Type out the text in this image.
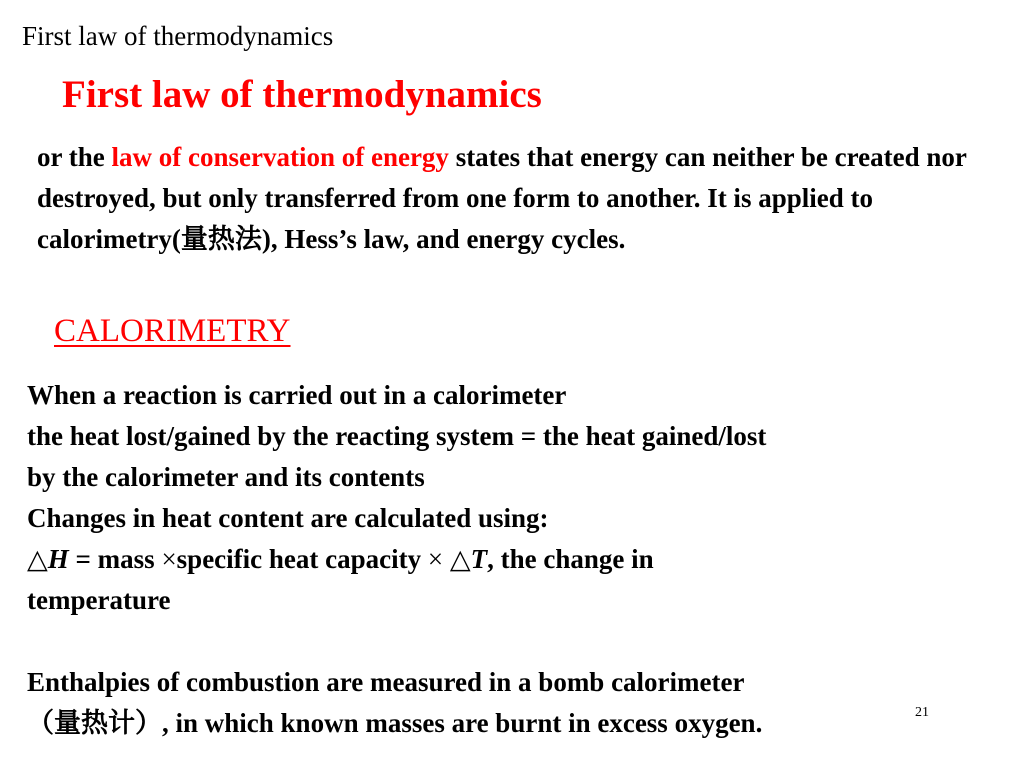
First law of thermodynamics
First law of thermodynamics
or the law of conservation of energy states that energy can neither be created nor destroyed, but only transferred from one form to another. It is applied to calorimetry(量热法), Hess’s law, and energy cycles.
CALORIMETRY
When a reaction is carried out in a calorimeter
the heat lost/gained by the reacting system = the heat gained/lost
by the calorimeter and its contents
Changes in heat content are calculated using:
△H = mass ×specific heat capacity × △T, the change in
temperature
Enthalpies of combustion are measured in a bomb calorimeter
（量热计）, in which known masses are burnt in excess oxygen.	21
